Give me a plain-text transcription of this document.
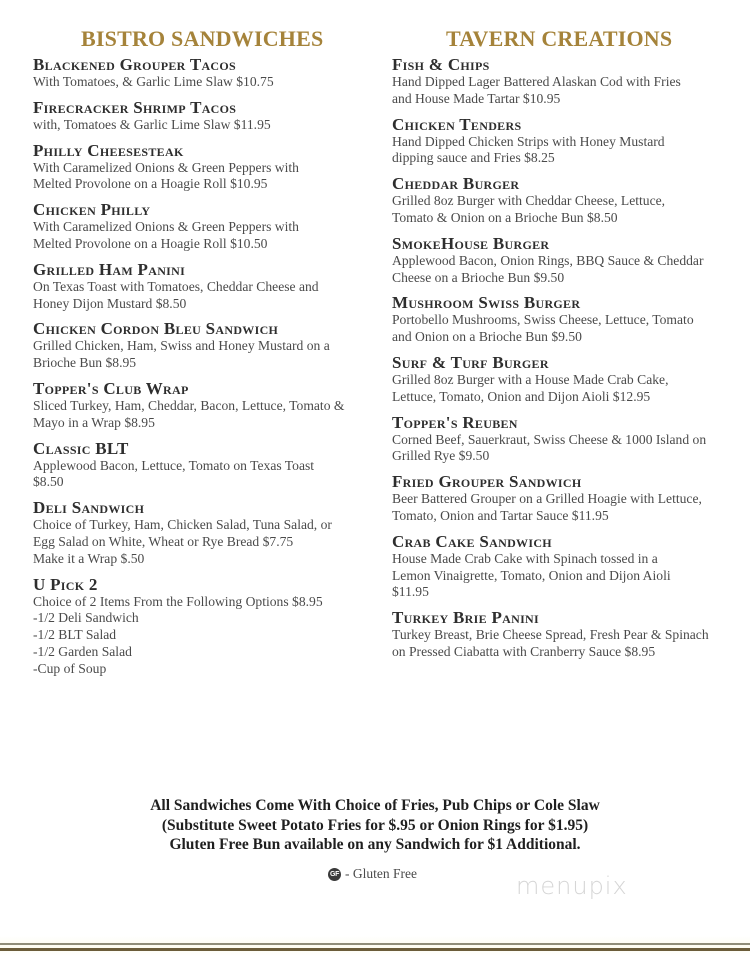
BISTRO SANDWICHES
Blackened Grouper Tacos
With Tomatoes, & Garlic Lime Slaw $10.75
Firecracker Shrimp Tacos
with, Tomatoes & Garlic Lime Slaw $11.95
Philly Cheesesteak
With Caramelized Onions & Green Peppers with
Melted Provolone on a Hoagie Roll $10.95
Chicken Philly
With Caramelized Onions & Green Peppers with
Melted Provolone on a Hoagie Roll $10.50
Grilled Ham Panini
On Texas Toast with Tomatoes, Cheddar Cheese and
Honey Dijon Mustard $8.50
Chicken Cordon Bleu Sandwich
Grilled Chicken, Ham, Swiss and Honey Mustard on a
Brioche Bun $8.95
Topper's Club Wrap
Sliced Turkey, Ham, Cheddar, Bacon, Lettuce, Tomato &
Mayo in a Wrap $8.95
Classic BLT
Applewood Bacon, Lettuce, Tomato on Texas Toast
$8.50
Deli Sandwich
Choice of Turkey, Ham, Chicken Salad, Tuna Salad, or
Egg Salad on White, Wheat or Rye Bread $7.75
Make it a Wrap $.50
U Pick 2
Choice of 2 Items From the Following Options $8.95
-1/2 Deli Sandwich
-1/2 BLT Salad
-1/2 Garden Salad
-Cup of Soup
TAVERN CREATIONS
Fish & Chips
Hand Dipped Lager Battered Alaskan Cod with Fries
and House Made Tartar $10.95
Chicken Tenders
Hand Dipped Chicken Strips with Honey Mustard
dipping sauce and Fries $8.25
Cheddar Burger
Grilled 8oz Burger with Cheddar Cheese, Lettuce,
Tomato & Onion on a Brioche Bun $8.50
SmokeHouse Burger
Applewood Bacon, Onion Rings, BBQ Sauce & Cheddar
Cheese on a Brioche Bun $9.50
Mushroom Swiss Burger
Portobello Mushrooms, Swiss Cheese, Lettuce, Tomato
and Onion on a Brioche Bun $9.50
Surf & Turf Burger
Grilled 8oz Burger with a House Made Crab Cake,
Lettuce, Tomato, Onion and Dijon Aioli $12.95
Topper's Reuben
Corned Beef, Sauerkraut, Swiss Cheese & 1000 Island on
Grilled Rye $9.50
Fried Grouper Sandwich
Beer Battered Grouper on a Grilled Hoagie with Lettuce,
Tomato, Onion and Tartar Sauce $11.95
Crab Cake Sandwich
House Made Crab Cake with Spinach tossed in a
Lemon Vinaigrette, Tomato, Onion and Dijon Aioli
$11.95
Turkey Brie Panini
Turkey Breast, Brie Cheese Spread, Fresh Pear & Spinach
on Pressed Ciabatta with Cranberry Sauce $8.95
All Sandwiches Come With Choice of Fries, Pub Chips or Cole Slaw
(Substitute Sweet Potato Fries for $.95 or Onion Rings for $1.95)
Gluten Free Bun available on any Sandwich for $1 Additional.
GF - Gluten Free	menupix
